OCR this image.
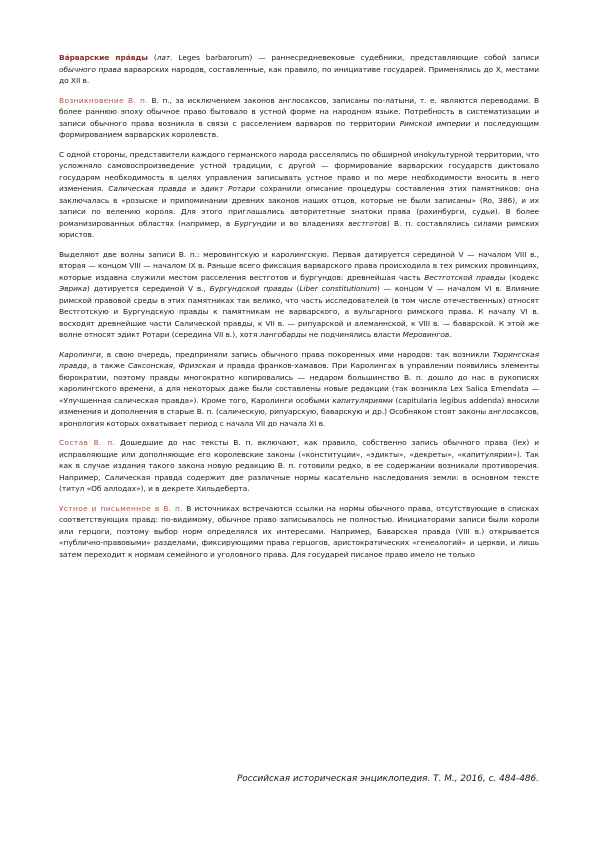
Ва́рварские пра́вды (лат. Leges barbarorum) — раннесредневековые судебники, представляющие собой записи обычного права варварских народов, составленные, как правило, по инициативе государей. Применялись до X, местами до XII в.

Возникновение В. п. В. п., за исключением законов англосаксов, записаны по-латыни, т. е. являются переводами. В более раннюю эпоху обычное право бытовало в устной форме на народном языке. Потребность в систематизации и записи обычного права возникла в связи с расселением варваров по территории Римской империи и последующим формированием варварских королевств.

С одной стороны, представители каждого германского народа расселялись по обширной иноkультурной территории, что усложняло самовоспроизведение устной традиции, с другой — формирование варварских государств диктовало государям необходимость в целях управления записывать устное право и по мере необходимости вносить в него изменения. Салическая правда и эдикт Ротари сохранили описание процедуры составления этих памятников: она заключалась в «розыске и припоминании древних законов наших отцов, которые не были записаны» (Ro, 386), и их записи по велению короля. Для этого приглашались авторитетные знатоки права (рахинбурги, судьи). В более романизированных областях (например, в Бургундии и во владениях вестготов) В. п. составлялись силами римских юристов.

Выделяют две волны записи В. п.: меровингскую и каролингскую. Первая датируется серединой V — началом VIII в., вторая — концом VIII — началом IX в. Раньше всего фиксация варварского права происходила в тех римских провинциях, которые издавна служили местом расселения вестготов и бургундов: древнейшая часть Вестготской правды (кодекс Эврика) датируется серединой V в., Бургундской правды (Liber constitutionum) — концом V — началом VI в. Влияние римской правовой среды в этих памятниках так велико, что часть исследователей (в том числе отечественных) относят Вестготскую и Бургундскую правды к памятникам не варварского, а вульгарного римского права. К началу VI в. восходят древнейшие части Салической правды, к VII в. — рипуарской и алеманнской, к VIII в. — баварской. К этой же волне относят эдикт Ротари (середина VII в.), хотя лангобарды не подчинялись власти Меровингов.

Каролинги, в свою очередь, предприняли запись обычного права покоренных ими народов: так возникли Тюрингская правда, а также Саксонская, Фризская и правда франков-хамавов. При Каролингах в управлении появились элементы бюрократии, поэтому правды многократно копировались — недаром большинство В. п. дошло до нас в рукописях каролингского времени, а для некоторых даже были составлены новые редакции (так возникла Lex Salica Emendata — «Улучшенная салическая правда»). Кроме того, Каролинги особыми капитуляриями (capitularia legibus addenda) вносили изменения и дополнения в старые В. п. (салическую, рипуарскую, баварскую и др.) Особняком стоят законы англосаксов, хронология которых охватывает период с начала VII до начала XI в.

Состав В. п. Дошедшие до нас тексты В. п. включают, как правило, собственно запись обычного права (lex) и исправляющие или дополняющие его королевские законы («конституции», «эдикты», «декреты», «капитулярии»). Так как в случае издания такого закона новую редакцию В. п. готовили редко, в ее содержании возникали противоречия. Например, Салическая правда содержит две различные нормы касательно наследования земли: в основном тексте (титул «Об аллодах»), и в декрете Хильдеберта.

Устное и письменное в В. п. В источниках встречаются ссылки на нормы обычного права, отсутствующие в списках соответствующих правд: по-видимому, обычное право записывалось не полностью. Инициаторами записи были короли или герцоги, поэтому выбор норм определялся их интересами. Например, Баварская правда (VIII в.) открывается «публично-правовыми» разделами, фиксирующими права герцогов, аристократических «генеалогий» и церкви, и лишь затем переходит к нормам семейного и уголовного права. Для государей писаное право имело не только

Российская историческая энциклопедия. Т. М., 2016, с. 484-486.
